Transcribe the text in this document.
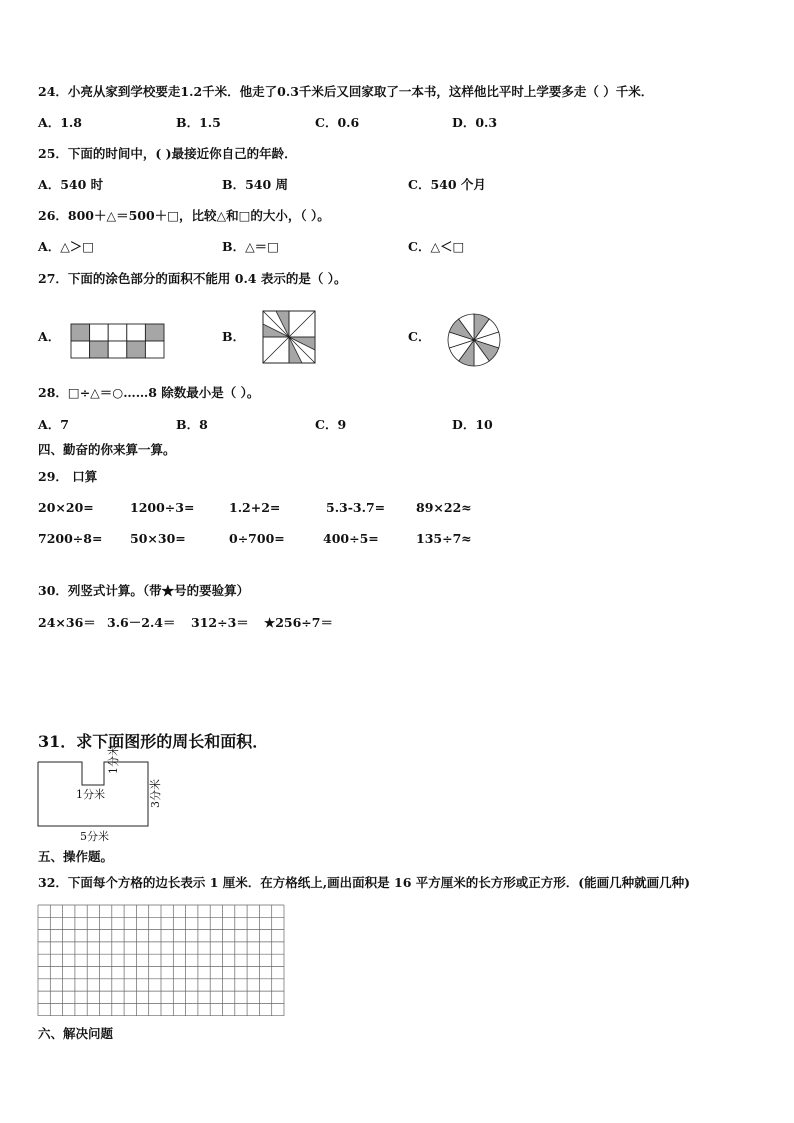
24．小亮从家到学校要走1.2千米．他走了0.3千米后又回家取了一本书，这样他比平时上学要多走（ ）千米．
A．1.8	B．1.5	C．0.6	D．0.3
25．下面的时间中，( )最接近你自己的年龄．
A．540 时	B．540 周	C．540 个月
26．800＋△＝500＋□，比较△和□的大小，（ ）。
A．△＞□	B．△＝□	C．△＜□
27．下面的涂色部分的面积不能用 0.4 表示的是（ ）。
A．	B．	C．
28．□÷△＝○……8 除数最小是（ ）。
A．7	B．8	C．9	D．10
四、勤奋的你来算一算。
29． 口算
20×20=	1200÷3=	1.2+2=	5.3-3.7= 89×22≈
7200÷8= 50×30=	0÷700=	400÷5=	135÷7≈
30．列竖式计算。（带★号的要验算）
24×36＝ 3.6－2.4＝ 312÷3＝ ★256÷7＝
31．求下面图形的周长和面积．
1分米
1分米
3分米
5分米
五、操作题。
32．下面每个方格的边长表示 1 厘米．在方格纸上,画出面积是 16 平方厘米的长方形或正方形．(能画几种就画几种)
六、解决问题
